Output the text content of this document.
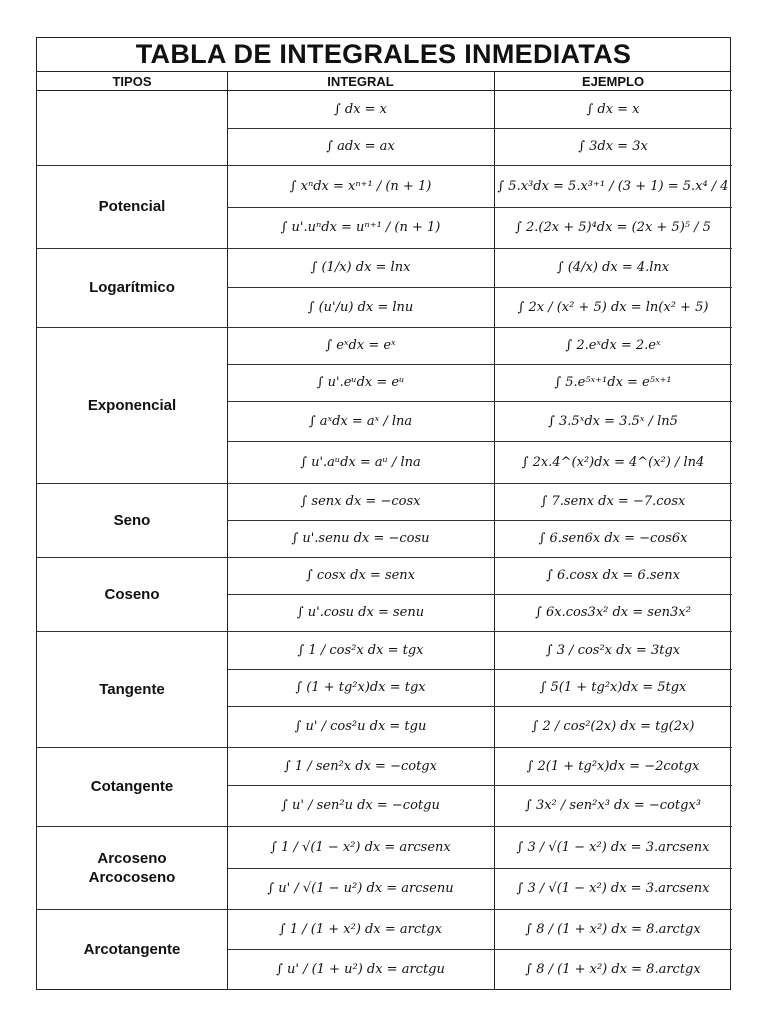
TABLA DE INTEGRALES INMEDIATAS
TIPOS	INTEGRAL	EJEMPLO
∫ dx = x	∫ dx = x
∫ adx = ax	∫ 3dx = 3x
Potencial
∫ xⁿdx = xⁿ⁺¹ / (n + 1)	∫ 5.x³dx = 5.x³⁺¹ / (3 + 1) = 5.x⁴ / 4
∫ u'.uⁿdx = uⁿ⁺¹ / (n + 1)	∫ 2.(2x + 5)⁴dx = (2x + 5)⁵ / 5
Logarítmico
∫ (1/x) dx = lnx	∫ (4/x) dx = 4.lnx
∫ (u'/u) dx = lnu	∫ 2x / (x² + 5) dx = ln(x² + 5)
Exponencial
∫ eˣdx = eˣ	∫ 2.eˣdx = 2.eˣ
∫ u'.eᵘdx = eᵘ	∫ 5.e⁵ˣ⁺¹dx = e⁵ˣ⁺¹
∫ aˣdx = aˣ / lna	∫ 3.5ˣdx = 3.5ˣ / ln5
∫ u'.aᵘdx = aᵘ / lna	∫ 2x.4^(x²)dx = 4^(x²) / ln4
Seno
∫ senx dx = −cosx	∫ 7.senx dx = −7.cosx
∫ u'.senu dx = −cosu	∫ 6.sen6x dx = −cos6x
Coseno
∫ cosx dx = senx	∫ 6.cosx dx = 6.senx
∫ u'.cosu dx = senu	∫ 6x.cos3x² dx = sen3x²
Tangente
∫ 1 / cos²x dx = tgx	∫ 3 / cos²x dx = 3tgx
∫ (1 + tg²x)dx = tgx	∫ 5(1 + tg²x)dx = 5tgx
∫ u' / cos²u dx = tgu	∫ 2 / cos²(2x) dx = tg(2x)
Cotangente
∫ 1 / sen²x dx = −cotgx	∫ 2(1 + tg²x)dx = −2cotgx
∫ u' / sen²u dx = −cotgu	∫ 3x² / sen²x³ dx = −cotgx³
Arcoseno
Arcocoseno
∫ 1 / √(1 − x²) dx = arcsenx	∫ 3 / √(1 − x²) dx = 3.arcsenx
∫ u' / √(1 − u²) dx = arcsenu	∫ 3 / √(1 − x²) dx = 3.arcsenx
Arcotangente
∫ 1 / (1 + x²) dx = arctgx	∫ 8 / (1 + x²) dx = 8.arctgx
∫ u' / (1 + u²) dx = arctgu	∫ 8 / (1 + x²) dx = 8.arctgx
